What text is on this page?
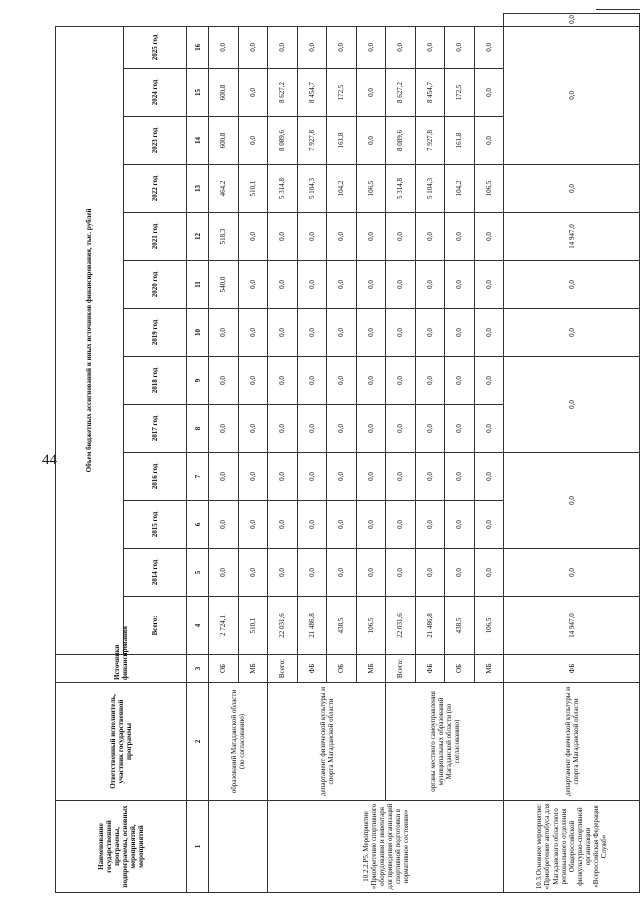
44
Наименование государственной программы, подпрограммы, основных мероприятий, мероприятий	Ответственный исполнитель, участник государственной программы	Источники финансирования	Объем бюджетных ассигнований и иных источников финансирования, тыс. рублей													
			Всего:	2014 год	2015 год	2016 год	2017 год	2018 год	2019 год	2020 год	2021 год	2022 год	2023 год	2024 год	2025 год	
1	2	3	4	5	6	7	8	9	10	11	12	13	14	15	16	
	образований Магаданской области (по согласованию)	ОБ	2 724,1	0,0	0,0	0,0	0,0	0,0	0,0	540,0	518,3	464,2	600,8	600,8	0,0	
		МБ	510,1	0,0	0,0	0,0	0,0	0,0	0,0	0,0	0,0	510,1	0,0	0,0	0,0	
10.2.2.Р5. Мероприятие «Приобретение спортивного оборудования и инвентаря для приведения организаций спортивной подготовки в нормативное состояние»	департамент физической культуры и спорта Магаданской области	Всего:	22 031,6	0,0	0,0	0,0	0,0	0,0	0,0	0,0	0,0	5 314,8	8 089,6	8 627,2	0,0	
		ФБ	21 486,8	0,0	0,0	0,0	0,0	0,0	0,0	0,0	0,0	5 104,3	7 927,8	8 454,7	0,0	
		ОБ	438,5	0,0	0,0	0,0	0,0	0,0	0,0	0,0	0,0	104,2	161,8	172,5	0,0	
		МБ	106,5	0,0	0,0	0,0	0,0	0,0	0,0	0,0	0,0	106,5	0,0	0,0	0,0	
	органы местного самоуправления муниципальных образований Магаданской области (по согласованию)	Всего:	22 031,6	0,0	0,0	0,0	0,0	0,0	0,0	0,0	0,0	5 314,8	8 089,6	8 627,2	0,0	
		ФБ	21 486,8	0,0	0,0	0,0	0,0	0,0	0,0	0,0	0,0	5 104,3	7 927,8	8 454,7	0,0	
		ОБ	438,5	0,0	0,0	0,0	0,0	0,0	0,0	0,0	0,0	104,2	161,8	172,5	0,0	
		МБ	106,5	0,0	0,0	0,0	0,0	0,0	0,0	0,0	0,0	106,5	0,0	0,0	0,0	
10.3.Основное мероприятие: «Приобретение автобуса для Магаданского областного регионального отделения Общероссийской физкультурно-спортивной организации «Всероссийская Федерация Служб»	департамент физической культуры и спорта Магаданской области	ФБ	14 947,0	0,0	0,0		0,0		0,0	0,0	14 947,0	0,0	0,0			0,0
